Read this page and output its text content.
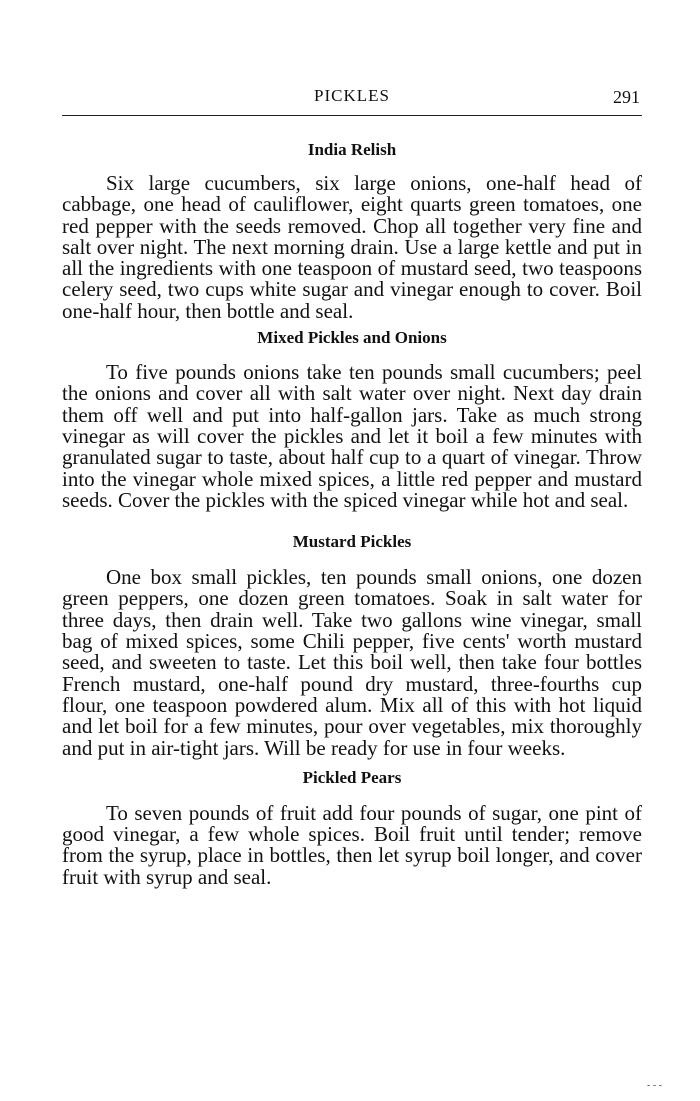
PICKLES	291
India Relish

Six large cucumbers, six large onions, one-half head of cabbage, one head of cauliflower, eight quarts green tomatoes, one red pepper with the seeds removed. Chop all together very fine and salt over night. The next morning drain. Use a large kettle and put in all the ingredients with one teaspoon of mustard seed, two teaspoons celery seed, two cups white sugar and vinegar enough to cover. Boil one-half hour, then bottle and seal.

Mixed Pickles and Onions

To five pounds onions take ten pounds small cucumbers; peel the onions and cover all with salt water over night. Next day drain them off well and put into half-gallon jars. Take as much strong vinegar as will cover the pickles and let it boil a few minutes with granulated sugar to taste, about half cup to a quart of vinegar. Throw into the vinegar whole mixed spices, a little red pepper and mustard seeds. Cover the pickles with the spiced vinegar while hot and seal.

Mustard Pickles

One box small pickles, ten pounds small onions, one dozen green peppers, one dozen green tomatoes. Soak in salt water for three days, then drain well. Take two gallons wine vinegar, small bag of mixed spices, some Chili pepper, five cents' worth mustard seed, and sweeten to taste. Let this boil well, then take four bottles French mustard, one-half pound dry mustard, three-fourths cup flour, one teaspoon powdered alum. Mix all of this with hot liquid and let boil for a few minutes, pour over vegetables, mix thoroughly and put in air-tight jars. Will be ready for use in four weeks.

Pickled Pears

To seven pounds of fruit add four pounds of sugar, one pint of good vinegar, a few whole spices. Boil fruit until tender; remove from the syrup, place in bottles, then let syrup boil longer, and cover fruit with syrup and seal.

- - -
